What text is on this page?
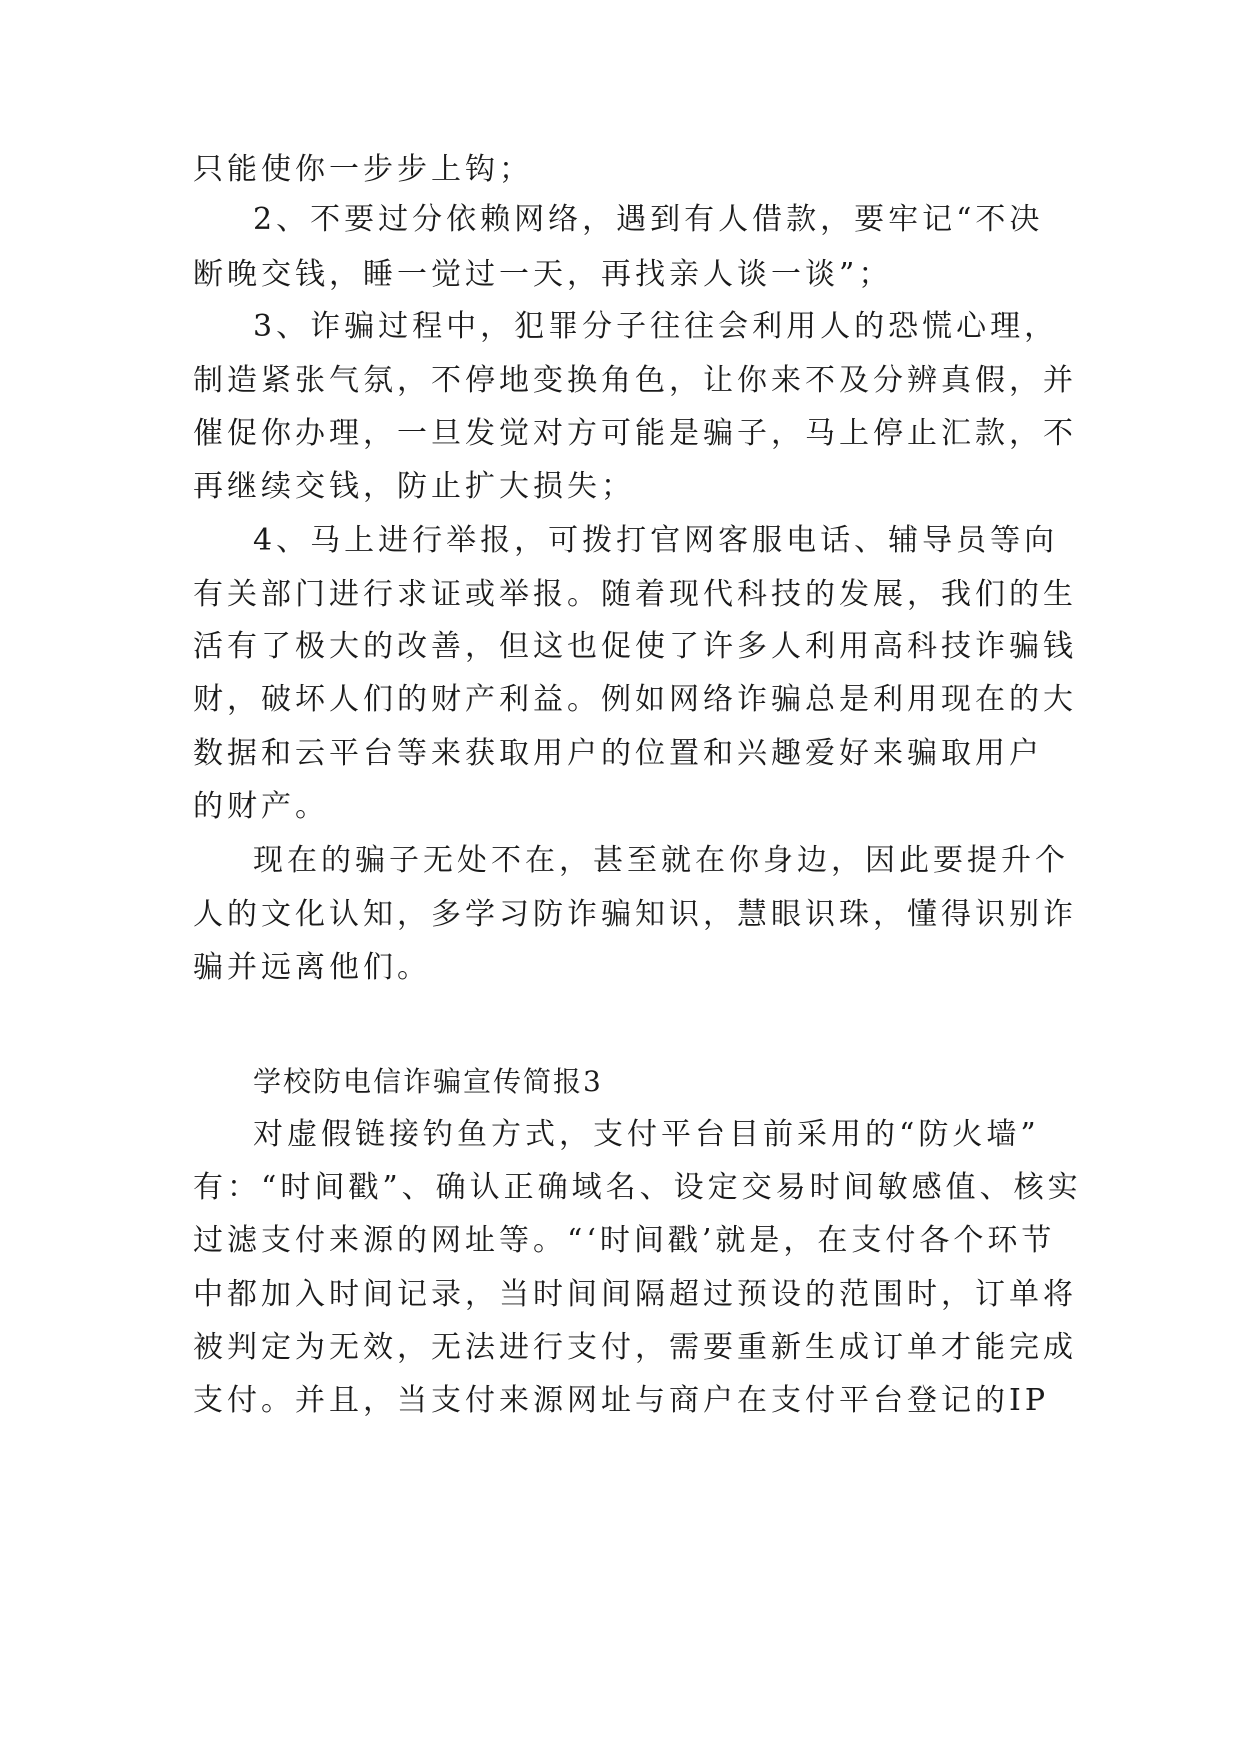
只能使你一步步上钩；
2、不要过分依赖网络，遇到有人借款，要牢记“不决
断晚交钱，睡一觉过一天，再找亲人谈一谈”；
3、诈骗过程中，犯罪分子往往会利用人的恐慌心理，
制造紧张气氛，不停地变换角色，让你来不及分辨真假，并
催促你办理，一旦发觉对方可能是骗子，马上停止汇款，不
再继续交钱，防止扩大损失；
4、马上进行举报，可拨打官网客服电话、辅导员等向
有关部门进行求证或举报。随着现代科技的发展，我们的生
活有了极大的改善，但这也促使了许多人利用高科技诈骗钱
财，破坏人们的财产利益。例如网络诈骗总是利用现在的大
数据和云平台等来获取用户的位置和兴趣爱好来骗取用户
的财产。
现在的骗子无处不在，甚至就在你身边，因此要提升个
人的文化认知，多学习防诈骗知识，慧眼识珠，懂得识别诈
骗并远离他们。
学校防电信诈骗宣传简报3
对虚假链接钓鱼方式，支付平台目前采用的“防火墙”
有：“时间戳”、确认正确域名、设定交易时间敏感值、核实
过滤支付来源的网址等。“‘时间戳’就是，在支付各个环节
中都加入时间记录，当时间间隔超过预设的范围时，订单将
被判定为无效，无法进行支付，需要重新生成订单才能完成
支付。并且，当支付来源网址与商户在支付平台登记的IP
